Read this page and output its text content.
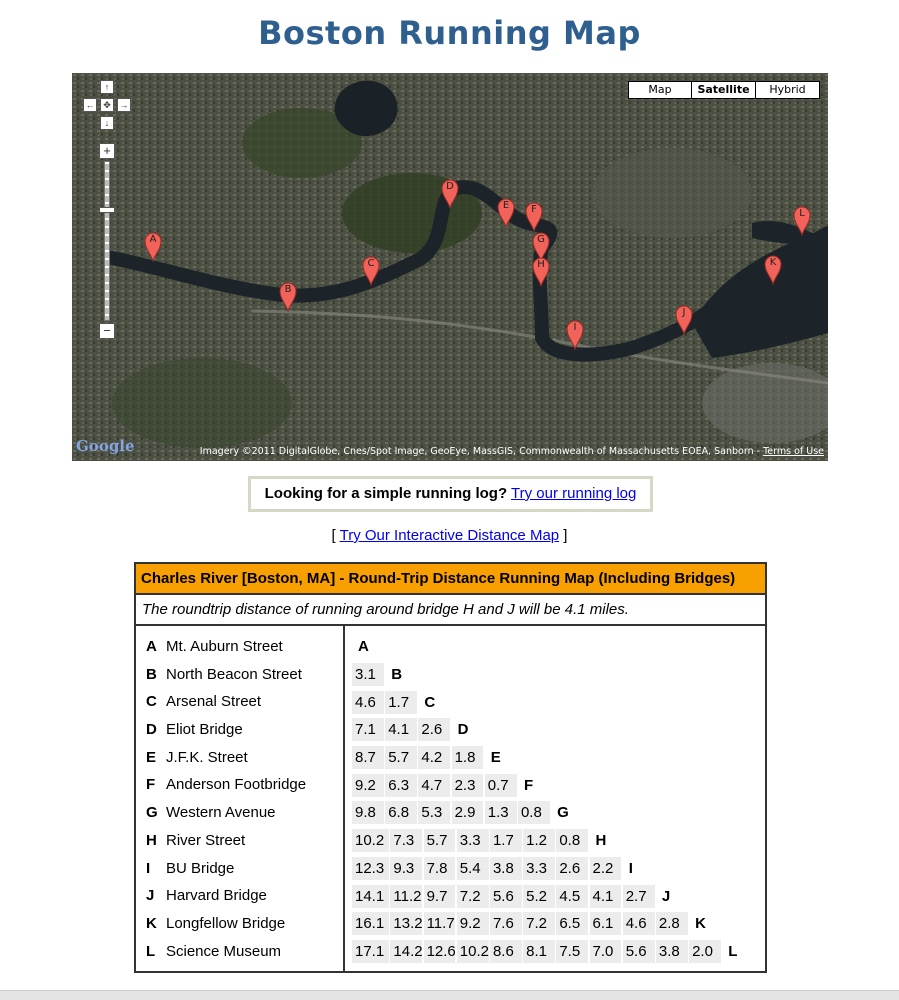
Boston Running Map
↑
← ✥ →
↓
+
−
Map	Satellite	Hybrid
A
B
C
D
E	F
G
H
I
J
K
L
Google	Imagery ©2011 DigitalGlobe, Cnes/Spot Image, GeoEye, MassGIS, Commonwealth of Massachusetts EOEA, Sanborn - Terms of Use
Looking for a simple running log? Try our running log
[ Try Our Interactive Distance Map ]
Charles River [Boston, MA] - Round-Trip Distance Running Map (Including Bridges)
The roundtrip distance of running around bridge H and J will be 4.1 miles.
A Mt. Auburn Street
B North Beacon Street
C Arsenal Street
D Eliot Bridge
E J.F.K. Street
F Anderson Footbridge
G Western Avenue
H River Street
I BU Bridge
J Harvard Bridge
K Longfellow Bridge
L Science Museum
A
3.1	B
4.6 1.7	C
7.1 4.1 2.6	D
8.7 5.7 4.2 1.8	E
9.2 6.3 4.7 2.3 0.7	F
9.8 6.8 5.3 2.9 1.3 0.8	G
10.2 7.3 5.7 3.3 1.7 1.2 0.8	H
12.3 9.3 7.8 5.4 3.8 3.3 2.6 2.2	I
14.1 11.2 9.7 7.2 5.6 5.2 4.5 4.1 2.7	J
16.1 13.2 11.7 9.2 7.6 7.2 6.5 6.1 4.6 2.8	K
17.1 14.2 12.6 10.2 8.6 8.1 7.5 7.0 5.6 3.8 2.0	L
